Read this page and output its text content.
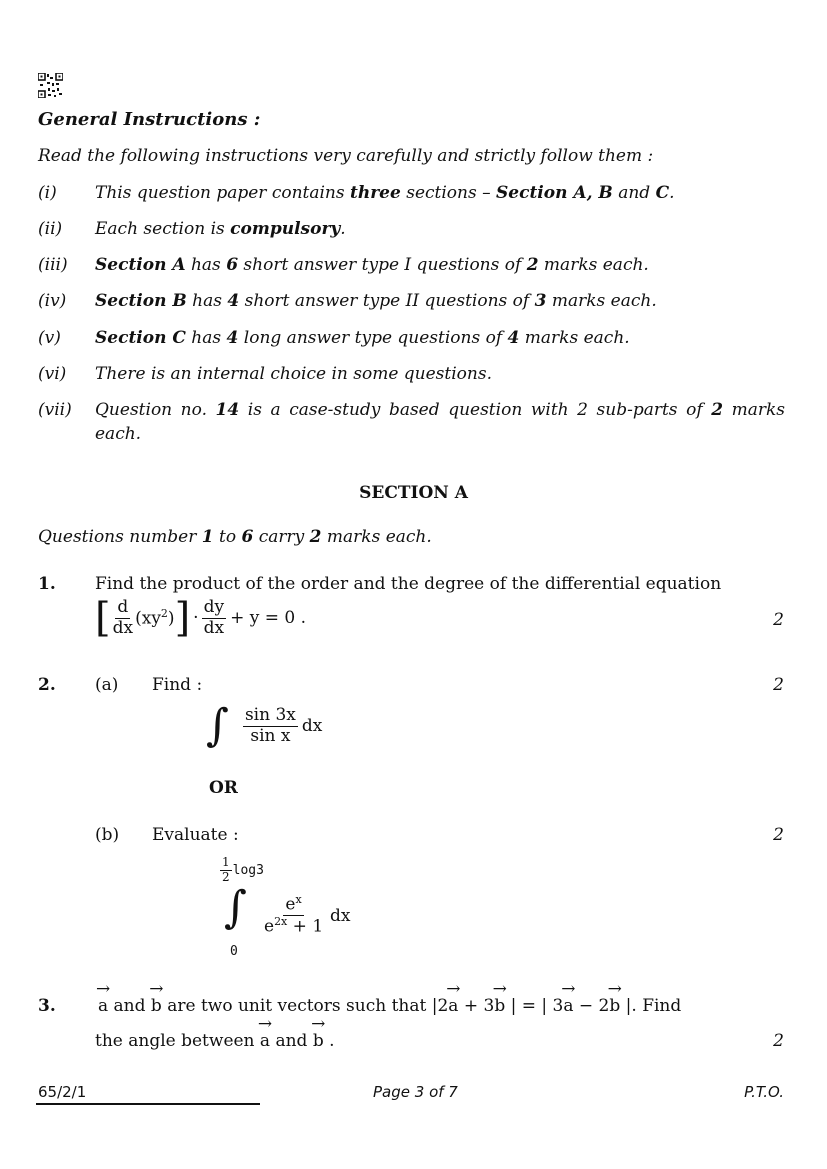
General Instructions :
Read the following instructions very carefully and strictly follow them :
(i) This question paper contains three sections – Section A, B and C.
(ii) Each section is compulsory.
(iii) Section A has 6 short answer type I questions of 2 marks each.
(iv) Section B has 4 short answer type II questions of 3 marks each.
(v) Section C has 4 long answer type questions of 4 marks each.
(vi) There is an internal choice in some questions.
(vii) Question no. 14 is a case-study based question with 2 sub-parts of 2 marks each.
SECTION A
Questions number 1 to 6 carry 2 marks each.
1. Find the product of the order and the degree of the differential equation
[ $\frac{d}{dx} (xy^2)$ ] · $\frac{dy}{dx} + y = 0$ .	2
2. (a) Find :	2
∫ $\frac{\sin 3x}{\text{sin x}}$ dx
OR
(b) Evaluate :	2
$\frac{1}{2} \log 3$
∫
0
$\frac{e^x}{e^{2x} + 1}$ dx
3. → a and → b are two unit vectors such that |2→ a + 3→ b | = | 3→ a − 2→ b |. Find
the angle between → a and → b .	2
65/2/1	Page 3 of 7	P.T.O.
